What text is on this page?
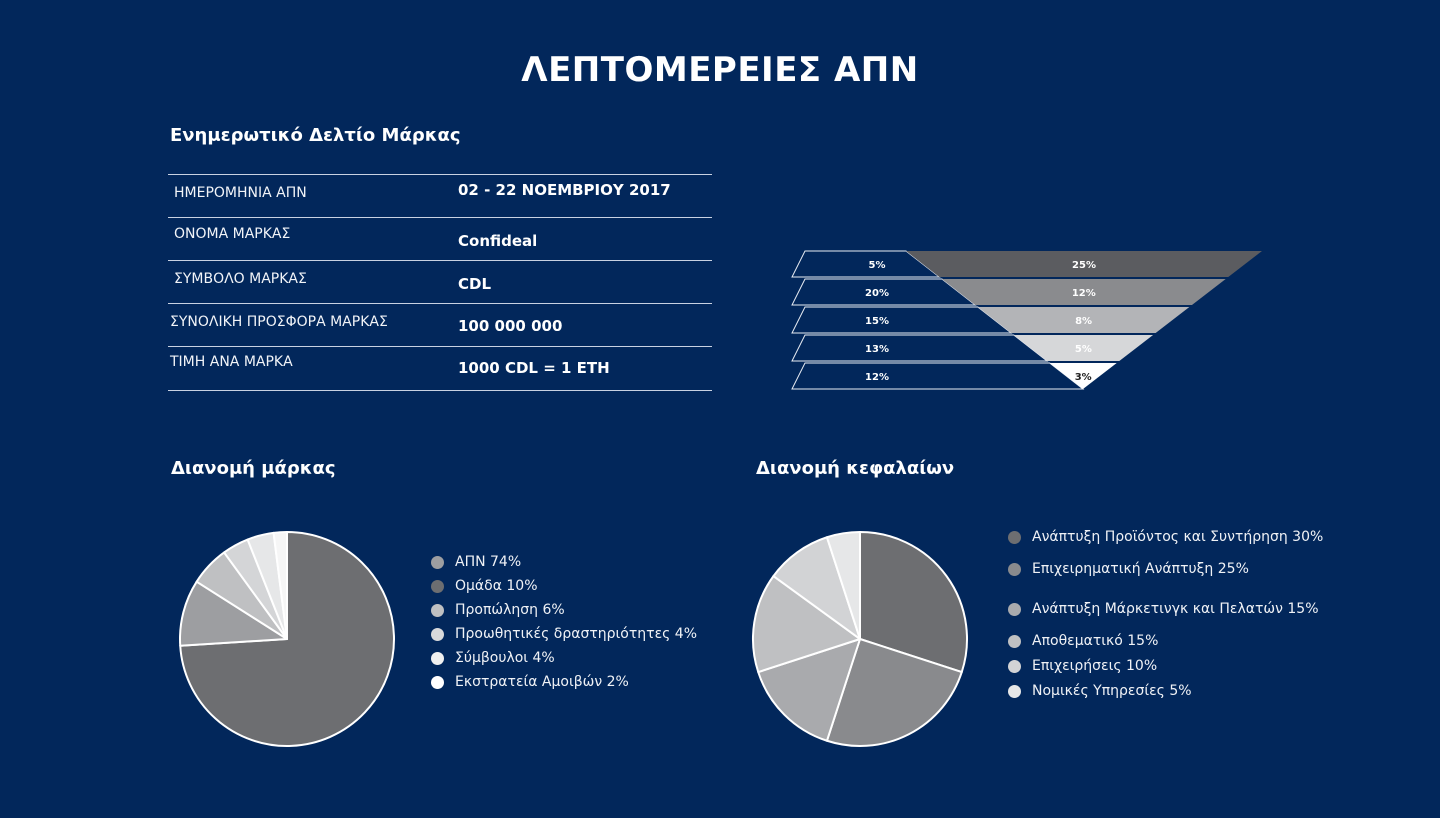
ΛΕΠΤΟΜΕΡΕΙΕΣ ΑΠΝ
Ενημερωτικό Δελτίο Μάρκας
ΗΜΕΡΟΜΗΝΙΑ ΑΠΝ	02 - 22 ΝΟΕΜΒΡΙΟΥ 2017
ΟΝΟΜΑ ΜΑΡΚΑΣ	Confideal
ΣΥΜΒΟΛΟ ΜΑΡΚΑΣ	CDL
ΣΥΝΟΛΙΚΗ ΠΡΟΣΦΟΡΑ ΜΑΡΚΑΣ	100 000 000
ΤΙΜΗ ΑΝΑ ΜΑΡΚΑ	1000 CDL = 1 ETH
5%	25%
20%	12%
15%	8%
13%	5%
12%	3%
Διανομή μάρκας
ΑΠΝ 74%
Ομάδα 10%
Προπώληση 6%
Προωθητικές δραστηριότητες 4%
Σύμβουλοι 4%
Εκστρατεία Αμοιβών 2%
Διανομή κεφαλαίων
Ανάπτυξη Προϊόντος και Συντήρηση 30%
Επιχειρηματική Ανάπτυξη 25%
Ανάπτυξη Μάρκετινγκ και Πελατών 15%
Αποθεματικό 15%
Επιχειρήσεις 10%
Νομικές Υπηρεσίες 5%
